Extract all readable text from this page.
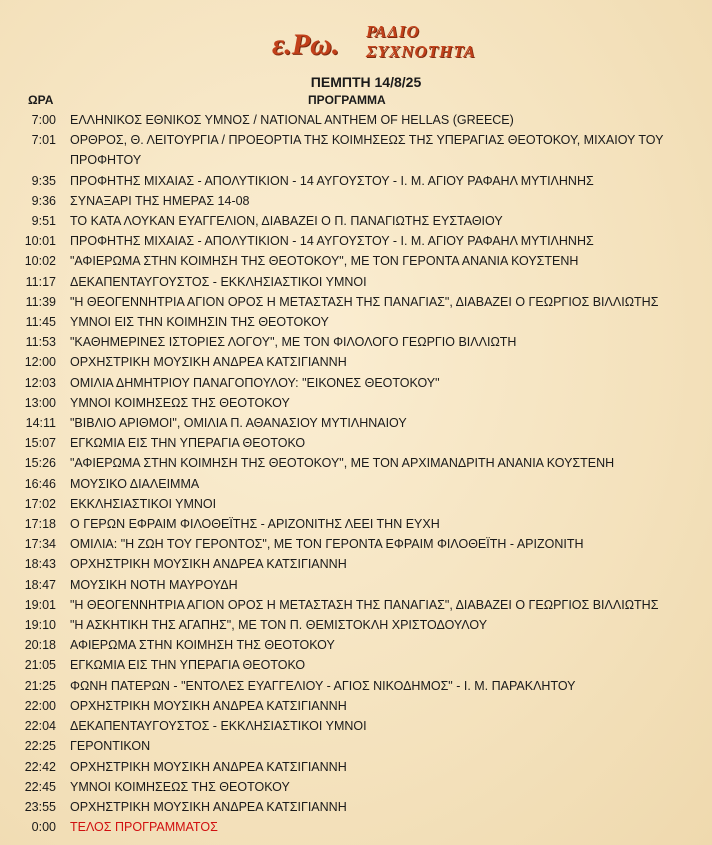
ε.Ρω. ΡΑΔΙΟ
ΣΥΧΝΟΤΗΤΑ
ΠΕΜΠΤΗ 14/8/25
ΩΡΑ	ΠΡΟΓΡΑΜΜΑ
7:00 ΕΛΛΗΝΙΚΟΣ ΕΘΝΙΚΟΣ ΥΜΝΟΣ / NATIONAL ANTHEM OF HELLAS (GREECE)
7:01 ΟΡΘΡΟΣ, Θ. ΛΕΙΤΟΥΡΓΙΑ / ΠΡΟΕΟΡΤΙΑ ΤΗΣ ΚΟΙΜΗΣΕΩΣ ΤΗΣ ΥΠΕΡΑΓΙΑΣ ΘΕΟΤΟΚΟΥ, ΜΙΧΑΙΟΥ ΤΟΥ ΠΡΟΦΗΤΟΥ
9:35 ΠΡΟΦΗΤΗΣ ΜΙΧΑΙΑΣ - ΑΠΟΛΥΤΙΚΙΟΝ - 14 ΑΥΓΟΥΣΤΟΥ - Ι. Μ. ΑΓΙΟΥ ΡΑΦΑΗΛ ΜΥΤΙΛΗΝΗΣ
9:36 ΣΥΝΑΞΑΡΙ ΤΗΣ ΗΜΕΡΑΣ 14-08
9:51 ΤΟ ΚΑΤΑ ΛΟΥΚΑΝ ΕΥΑΓΓΕΛΙΟΝ, ΔΙΑΒΑΖΕΙ Ο Π. ΠΑΝΑΓΙΩΤΗΣ ΕΥΣΤΑΘΙΟΥ
10:01 ΠΡΟΦΗΤΗΣ ΜΙΧΑΙΑΣ - ΑΠΟΛΥΤΙΚΙΟΝ - 14 ΑΥΓΟΥΣΤΟΥ - Ι. Μ. ΑΓΙΟΥ ΡΑΦΑΗΛ ΜΥΤΙΛΗΝΗΣ
10:02 "ΑΦΙΕΡΩΜΑ ΣΤΗΝ ΚΟΙΜΗΣΗ ΤΗΣ ΘΕΟΤΟΚΟΥ", ΜΕ ΤΟΝ ΓΕΡΟΝΤΑ ΑΝΑΝΙΑ ΚΟΥΣΤΕΝΗ
11:17 ΔΕΚΑΠΕΝΤΑΥΓΟΥΣΤΟΣ - ΕΚΚΛΗΣΙΑΣΤΙΚΟΙ ΥΜΝΟΙ
11:39 "Η ΘΕΟΓΕΝΝΗΤΡΙΑ ΑΓΙΟΝ ΟΡΟΣ Η ΜΕΤΑΣΤΑΣΗ ΤΗΣ ΠΑΝΑΓΙΑΣ", ΔΙΑΒΑΖΕΙ Ο ΓΕΩΡΓΙΟΣ ΒΙΛΛΙΩΤΗΣ
11:45 ΥΜΝΟΙ ΕΙΣ ΤΗΝ ΚΟΙΜΗΣΙΝ ΤΗΣ ΘΕΟΤΟΚΟΥ
11:53 "ΚΑΘΗΜΕΡΙΝΕΣ ΙΣΤΟΡΙΕΣ ΛΟΓΟΥ", ΜΕ ΤΟΝ ΦΙΛΟΛΟΓΟ ΓΕΩΡΓΙΟ ΒΙΛΛΙΩΤΗ
12:00 ΟΡΧΗΣΤΡΙΚΗ ΜΟΥΣΙΚΗ ΑΝΔΡΕΑ ΚΑΤΣΙΓΙΑΝΝΗ
12:03 ΟΜΙΛΙΑ ΔΗΜΗΤΡΙΟΥ ΠΑΝΑΓΟΠΟΥΛΟΥ: "ΕΙΚΟΝΕΣ ΘΕΟΤΟΚΟΥ"
13:00 ΥΜΝΟΙ ΚΟΙΜΗΣΕΩΣ ΤΗΣ ΘΕΟΤΟΚΟΥ
14:11 "ΒΙΒΛΙΟ ΑΡΙΘΜΟΙ", ΟΜΙΛΙΑ Π. ΑΘΑΝΑΣΙΟΥ ΜΥΤΙΛΗΝΑΙΟΥ
15:07 ΕΓΚΩΜΙΑ ΕΙΣ ΤΗΝ ΥΠΕΡΑΓΙΑ ΘΕΟΤΟΚΟ
15:26 "ΑΦΙΕΡΩΜΑ ΣΤΗΝ ΚΟΙΜΗΣΗ ΤΗΣ ΘΕΟΤΟΚΟΥ", ΜΕ ΤΟΝ ΑΡΧΙΜΑΝΔΡΙΤΗ ΑΝΑΝΙΑ ΚΟΥΣΤΕΝΗ
16:46 ΜΟΥΣΙΚΟ ΔΙΑΛΕΙΜΜΑ
17:02 ΕΚΚΛΗΣΙΑΣΤΙΚΟΙ ΥΜΝΟΙ
17:18 Ο ΓΕΡΩΝ ΕΦΡΑΙΜ ΦΙΛΟΘΕΪΤΗΣ - ΑΡΙΖΟΝΙΤΗΣ ΛΕΕΙ ΤΗΝ ΕΥΧΗ
17:34 ΟΜΙΛΙΑ: "Η ΖΩΗ ΤΟΥ ΓΕΡΟΝΤΟΣ", ΜΕ ΤΟΝ ΓΕΡΟΝΤΑ ΕΦΡΑΙΜ ΦΙΛΟΘΕΪΤΗ - ΑΡΙΖΟΝΙΤΗ
18:43 ΟΡΧΗΣΤΡΙΚΗ ΜΟΥΣΙΚΗ ΑΝΔΡΕΑ ΚΑΤΣΙΓΙΑΝΝΗ
18:47 ΜΟΥΣΙΚΗ ΝΟΤΗ ΜΑΥΡΟΥΔΗ
19:01 "Η ΘΕΟΓΕΝΝΗΤΡΙΑ ΑΓΙΟΝ ΟΡΟΣ Η ΜΕΤΑΣΤΑΣΗ ΤΗΣ ΠΑΝΑΓΙΑΣ", ΔΙΑΒΑΖΕΙ Ο ΓΕΩΡΓΙΟΣ ΒΙΛΛΙΩΤΗΣ
19:10 "Η ΑΣΚΗΤΙΚΗ ΤΗΣ ΑΓΑΠΗΣ", ΜΕ ΤΟΝ Π. ΘΕΜΙΣΤΟΚΛΗ ΧΡΙΣΤΟΔΟΥΛΟΥ
20:18 ΑΦΙΕΡΩΜΑ ΣΤΗΝ ΚΟΙΜΗΣΗ ΤΗΣ ΘΕΟΤΟΚΟΥ
21:05 ΕΓΚΩΜΙΑ ΕΙΣ ΤΗΝ ΥΠΕΡΑΓΙΑ ΘΕΟΤΟΚΟ
21:25 ΦΩΝΗ ΠΑΤΕΡΩΝ - "ΕΝΤΟΛΕΣ ΕΥΑΓΓΕΛΙΟΥ - ΑΓΙΟΣ ΝΙΚΟΔΗΜΟΣ" - Ι. Μ. ΠΑΡΑΚΛΗΤΟΥ
22:00 ΟΡΧΗΣΤΡΙΚΗ ΜΟΥΣΙΚΗ ΑΝΔΡΕΑ ΚΑΤΣΙΓΙΑΝΝΗ
22:04 ΔΕΚΑΠΕΝΤΑΥΓΟΥΣΤΟΣ - ΕΚΚΛΗΣΙΑΣΤΙΚΟΙ ΥΜΝΟΙ
22:25 ΓΕΡΟΝΤΙΚΟΝ
22:42 ΟΡΧΗΣΤΡΙΚΗ ΜΟΥΣΙΚΗ ΑΝΔΡΕΑ ΚΑΤΣΙΓΙΑΝΝΗ
22:45 ΥΜΝΟΙ ΚΟΙΜΗΣΕΩΣ ΤΗΣ ΘΕΟΤΟΚΟΥ
23:55 ΟΡΧΗΣΤΡΙΚΗ ΜΟΥΣΙΚΗ ΑΝΔΡΕΑ ΚΑΤΣΙΓΙΑΝΝΗ
0:00 ΤΕΛΟΣ ΠΡΟΓΡΑΜΜΑΤΟΣ
